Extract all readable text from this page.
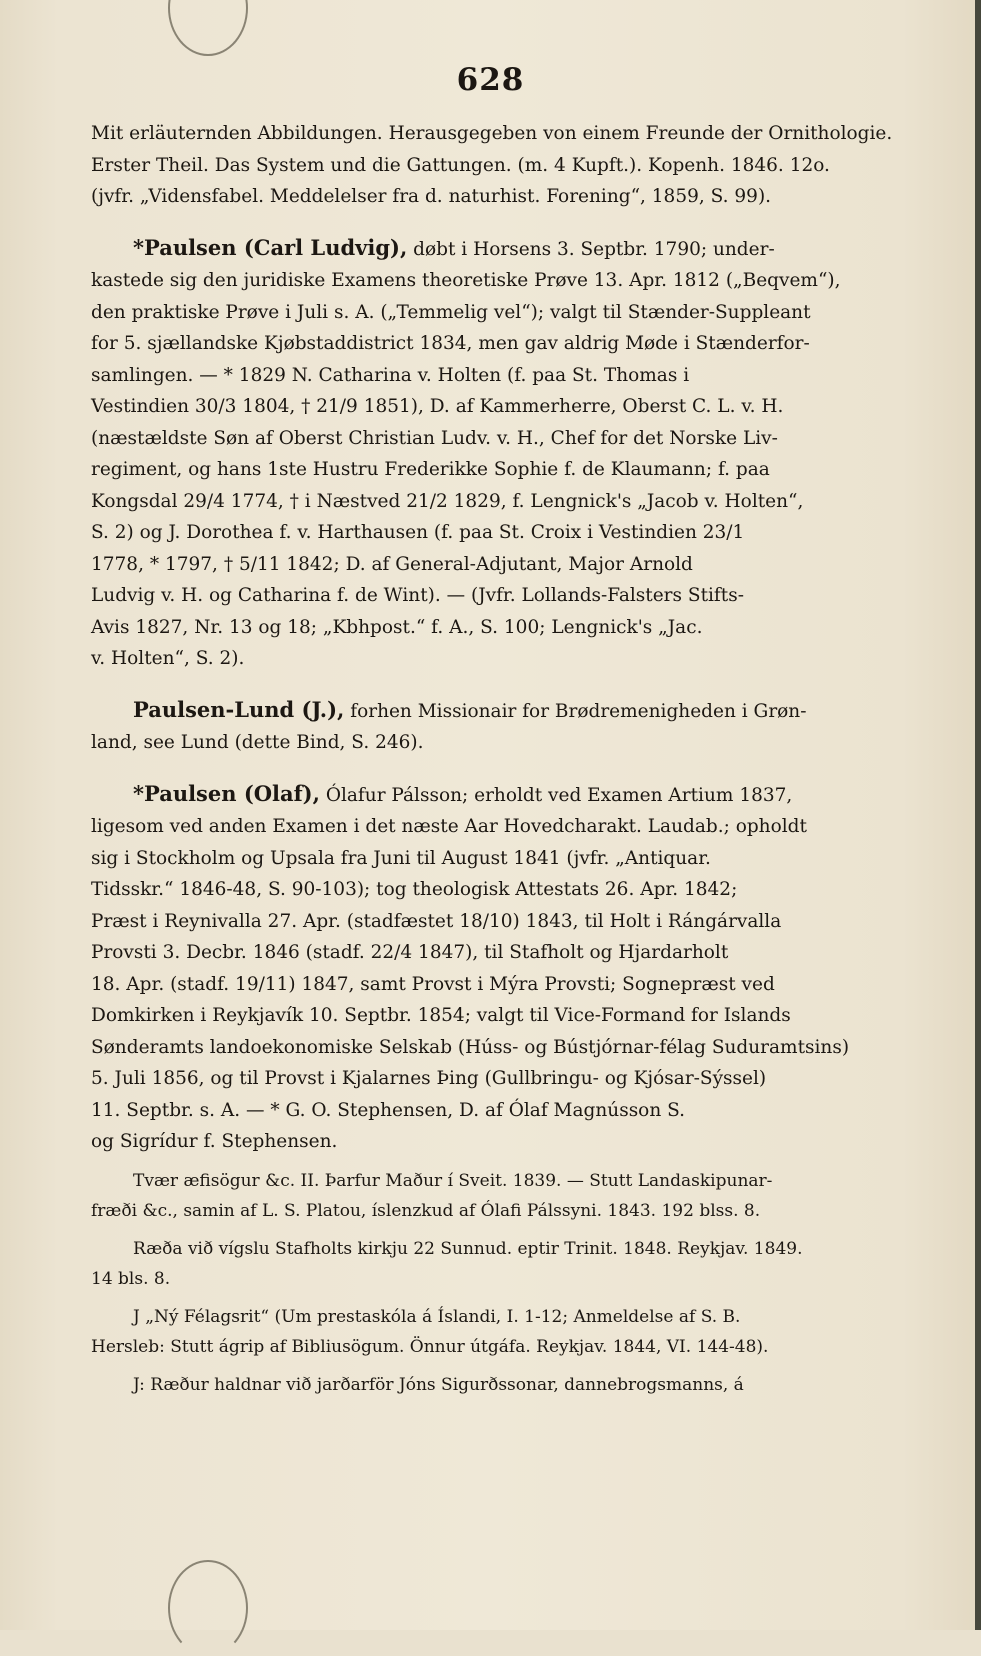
628

Mit erläuternden Abbildungen. Herausgegeben von einem Freunde der Ornithologie.
Erster Theil. Das System und die Gattungen. (m. 4 Kupft.). Kopenh. 1846. 12o.
(jvfr. „Vidensfabel. Meddelelser fra d. naturhist. Forening“, 1859, S. 99).

*Paulsen (Carl Ludvig), døbt i Horsens 3. Septbr. 1790; under-
kastede sig den juridiske Examens theoretiske Prøve 13. Apr. 1812 („Beqvem“),
den praktiske Prøve i Juli s. A. („Temmelig vel“); valgt til Stænder-Suppleant
for 5. sjællandske Kjøbstaddistrict 1834, men gav aldrig Møde i Stænderfor-
samlingen. — * 1829 N. Catharina v. Holten (f. paa St. Thomas i
Vestindien 30/3 1804, † 21/9 1851), D. af Kammerherre, Oberst C. L. v. H.
(næstældste Søn af Oberst Christian Ludv. v. H., Chef for det Norske Liv-
regiment, og hans 1ste Hustru Frederikke Sophie f. de Klaumann; f. paa
Kongsdal 29/4 1774, † i Næstved 21/2 1829, f. Lengnick's „Jacob v. Holten“,
S. 2) og J. Dorothea f. v. Harthausen (f. paa St. Croix i Vestindien 23/1
1778, * 1797, † 5/11 1842; D. af General-Adjutant, Major Arnold
Ludvig v. H. og Catharina f. de Wint). — (Jvfr. Lollands-Falsters Stifts-
Avis 1827, Nr. 13 og 18; „Kbhpost.“ f. A., S. 100; Lengnick's „Jac.
v. Holten“, S. 2).

Paulsen-Lund (J.), forhen Missionair for Brødremenigheden i Grøn-
land, see Lund (dette Bind, S. 246).

*Paulsen (Olaf), Ólafur Pálsson; erholdt ved Examen Artium 1837,
ligesom ved anden Examen i det næste Aar Hovedcharakt. Laudab.; opholdt
sig i Stockholm og Upsala fra Juni til August 1841 (jvfr. „Antiquar.
Tidsskr.“ 1846-48, S. 90-103); tog theologisk Attestats 26. Apr. 1842;
Præst i Reynivalla 27. Apr. (stadfæstet 18/10) 1843, til Holt i Rángárvalla
Provsti 3. Decbr. 1846 (stadf. 22/4 1847), til Stafholt og Hjardarholt
18. Apr. (stadf. 19/11) 1847, samt Provst i Mýra Provsti; Sognepræst ved
Domkirken i Reykjavík 10. Septbr. 1854; valgt til Vice-Formand for Islands
Sønderamts landoekonomiske Selskab (Húss- og Bústjórnar-félag Suduramtsins)
5. Juli 1856, og til Provst i Kjalarnes Þing (Gullbringu- og Kjósar-Sýssel)
11. Septbr. s. A. — * G. O. Stephensen, D. af Ólaf Magnússon S.
og Sigrídur f. Stephensen.

Tvær æfisögur &c. II. Þarfur Maður í Sveit. 1839. — Stutt Landaskipunar-
fræði &c., samin af L. S. Platou, íslenzkud af Ólafi Pálssyni. 1843. 192 blss. 8.

Ræða við vígslu Stafholts kirkju 22 Sunnud. eptir Trinit. 1848. Reykjav. 1849.
14 bls. 8.

J „Ný Félagsrit“ (Um prestaskóla á Íslandi, I. 1-12; Anmeldelse af S. B.
Hersleb: Stutt ágrip af Bibliusögum. Önnur útgáfa. Reykjav. 1844, VI. 144-48).

J: Ræður haldnar við jarðarför Jóns Sigurðssonar, dannebrogsmanns, á
